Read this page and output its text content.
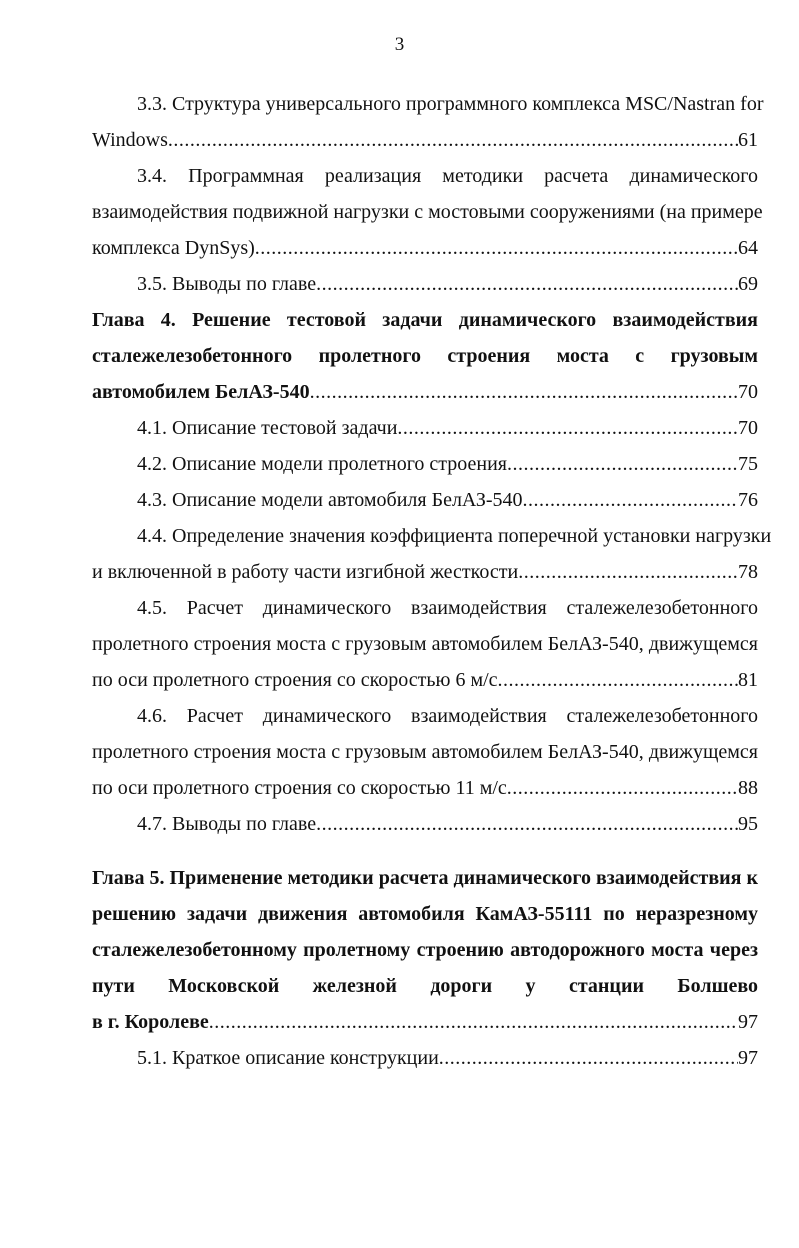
3
3.3. Структура универсального программного комплекса MSC/Nastran for
Windows .....	61
3.4. Программная реализация методики расчета динамического
взаимодействия подвижной нагрузки с мостовыми сооружениями (на примере
комплекса DynSys) .....	64
3.5. Выводы по главе .....	69
Глава 4. Решение тестовой задачи динамического взаимодействия
сталежелезобетонного пролетного строения моста с грузовым
автомобилем БелАЗ-540 .....	70
4.1. Описание тестовой задачи .....	70
4.2. Описание модели пролетного строения .....	75
4.3. Описание модели автомобиля БелАЗ-540 .....	76
4.4. Определение значения коэффициента поперечной установки нагрузки
и включенной в работу части изгибной жесткости .....	78
4.5. Расчет динамического взаимодействия сталежелезобетонного
пролетного строения моста с грузовым автомобилем БелАЗ-540, движущемся
по оси пролетного строения со скоростью 6 м/с .....	81
4.6. Расчет динамического взаимодействия сталежелезобетонного
пролетного строения моста с грузовым автомобилем БелАЗ-540, движущемся
по оси пролетного строения со скоростью 11 м/с .....	88
4.7. Выводы по главе .....	95
Глава 5. Применение методики расчета динамического взаимодействия к
решению задачи движения автомобиля КамАЗ-55111 по неразрезному
сталежелезобетонному пролетному строению автодорожного моста через
пути Московской железной дороги у станции Болшево
в г. Королеве .....	97
5.1. Краткое описание конструкции .....	97
